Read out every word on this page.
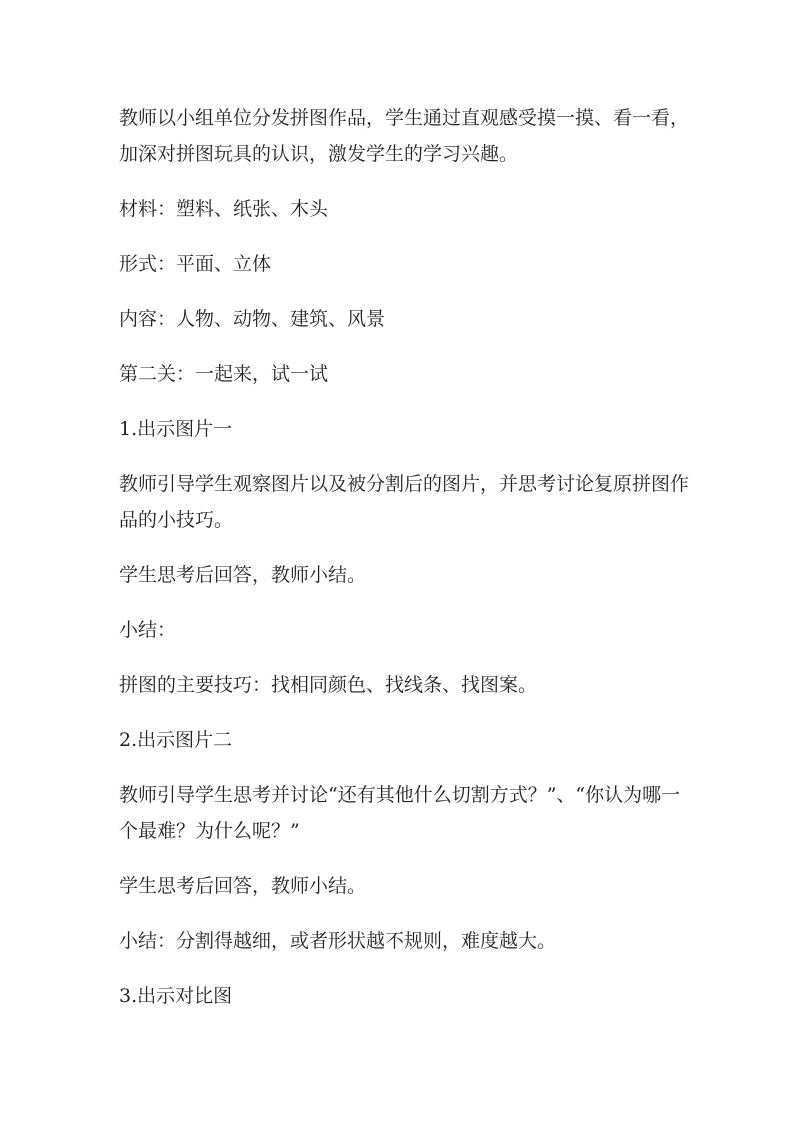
教师以小组单位分发拼图作品，学生通过直观感受摸一摸、看一看，加深对拼图玩具的认识，激发学生的学习兴趣。

材料：塑料、纸张、木头

形式：平面、立体

内容：人物、动物、建筑、风景

第二关：一起来，试一试

1.出示图片一

教师引导学生观察图片以及被分割后的图片，并思考讨论复原拼图作品的小技巧。

学生思考后回答，教师小结。

小结：

拼图的主要技巧：找相同颜色、找线条、找图案。

2.出示图片二

教师引导学生思考并讨论“还有其他什么切割方式？”、“你认为哪一个最难？为什么呢？”

学生思考后回答，教师小结。

小结：分割得越细，或者形状越不规则，难度越大。

3.出示对比图
